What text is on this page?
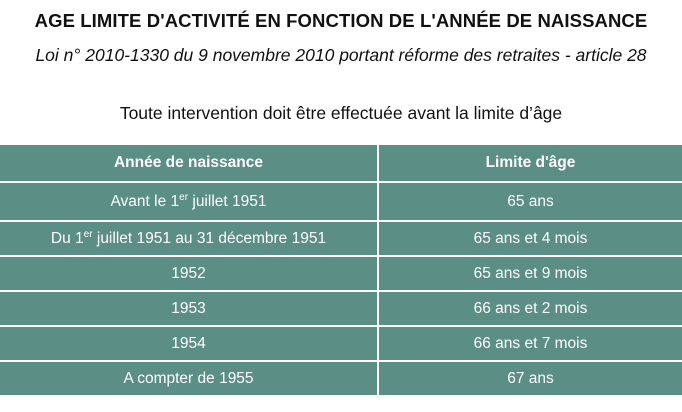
AGE LIMITE D'ACTIVITÉ EN FONCTION DE L'ANNÉE DE NAISSANCE
Loi n° 2010-1330 du 9 novembre 2010 portant réforme des retraites - article 28
Toute intervention doit être effectuée avant la limite d’âge
Année de naissance	Limite d'âge
Avant le 1er juillet 1951	65 ans
Du 1er juillet 1951 au 31 décembre 1951	65 ans et 4 mois
1952	65 ans et 9 mois
1953	66 ans et 2 mois
1954	66 ans et 7 mois
A compter de 1955	67 ans
